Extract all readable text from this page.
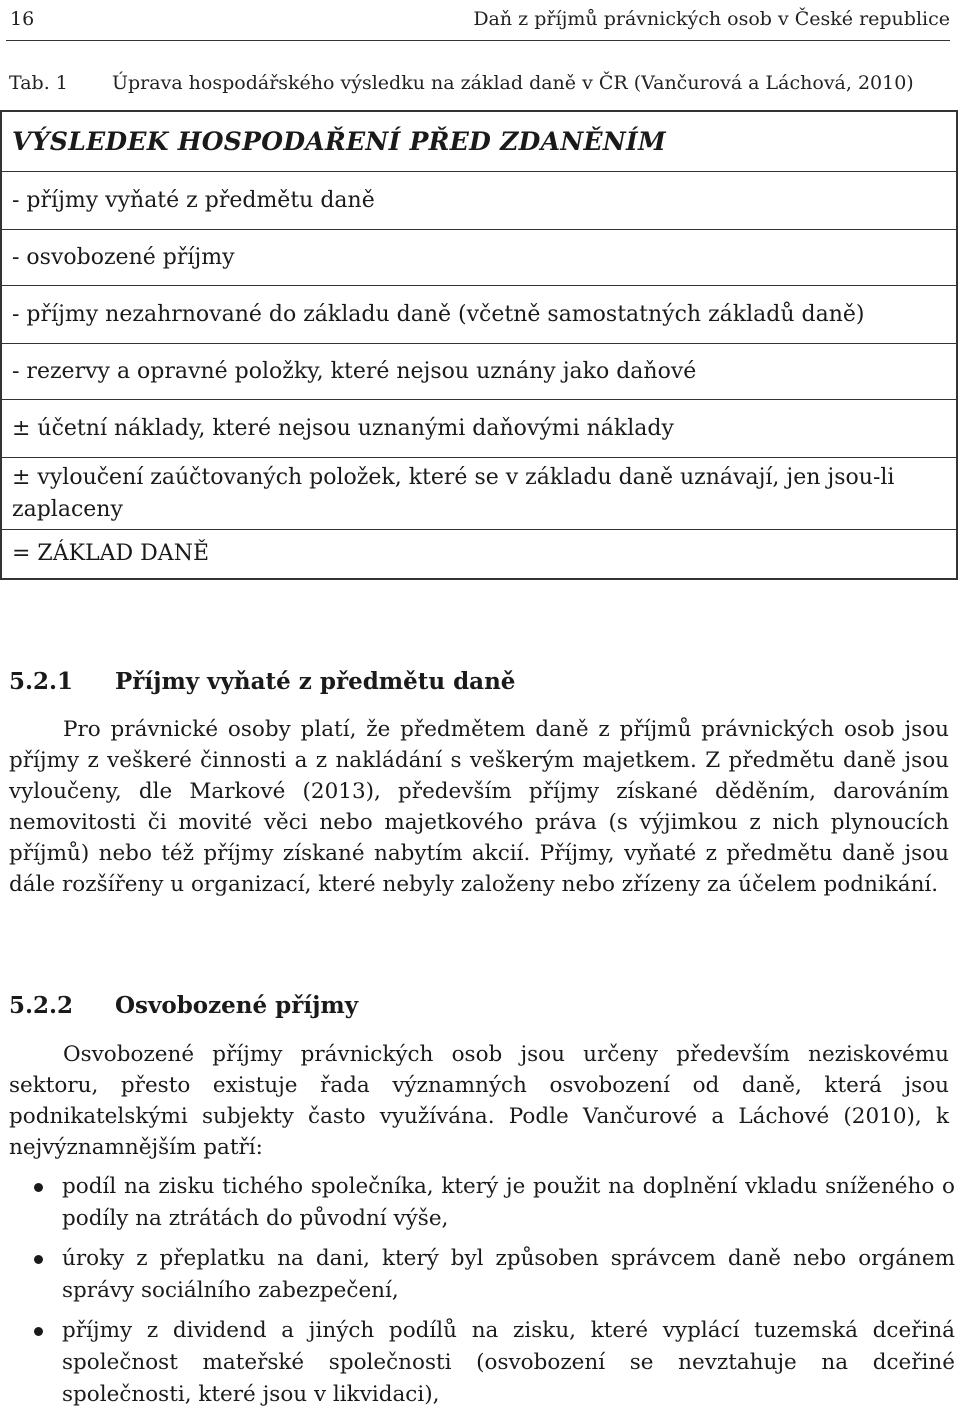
16	Daň z příjmů právnických osob v České republice
Tab. 1 Úprava hospodářského výsledku na základ daně v ČR (Vančurová a Láchová, 2010)
VÝSLEDEK HOSPODAŘENÍ PŘED ZDANĚNÍM
- příjmy vyňaté z předmětu daně
- osvobozené příjmy
- příjmy nezahrnované do základu daně (včetně samostatných základů daně)
- rezervy a opravné položky, které nejsou uznány jako daňové
± účetní náklady, které nejsou uznanými daňovými náklady
± vyloučení zaúčtovaných položek, které se v základu daně uznávají, jen jsou-li zaplaceny
= ZÁKLAD DANĚ
5.2.1 Příjmy vyňaté z předmětu daně
Pro právnické osoby platí, že předmětem daně z příjmů právnických osob jsou příjmy z veškeré činnosti a z nakládání s veškerým majetkem. Z předmětu daně jsou vyloučeny, dle Markové (2013), především příjmy získané děděním, darováním nemovitosti či movité věci nebo majetkového práva (s výjimkou z nich plynoucích příjmů) nebo též příjmy získané nabytím akcií. Příjmy, vyňaté z předmětu daně jsou dále rozšířeny u organizací, které nebyly založeny nebo zřízeny za účelem podnikání.
5.2.2 Osvobozené příjmy
Osvobozené příjmy právnických osob jsou určeny především neziskovému sektoru, přesto existuje řada významných osvobození od daně, která jsou podnikatelskými subjekty často využívána. Podle Vančurové a Láchové (2010), k nejvýznamnějším patří:
podíl na zisku tichého společníka, který je použit na doplnění vkladu sníženého o podíly na ztrátách do původní výše,
úroky z přeplatku na dani, který byl způsoben správcem daně nebo orgánem správy sociálního zabezpečení,
příjmy z dividend a jiných podílů na zisku, které vyplácí tuzemská dceřiná společnost mateřské společnosti (osvobození se nevztahuje na dceřiné společnosti, které jsou v likvidaci),
